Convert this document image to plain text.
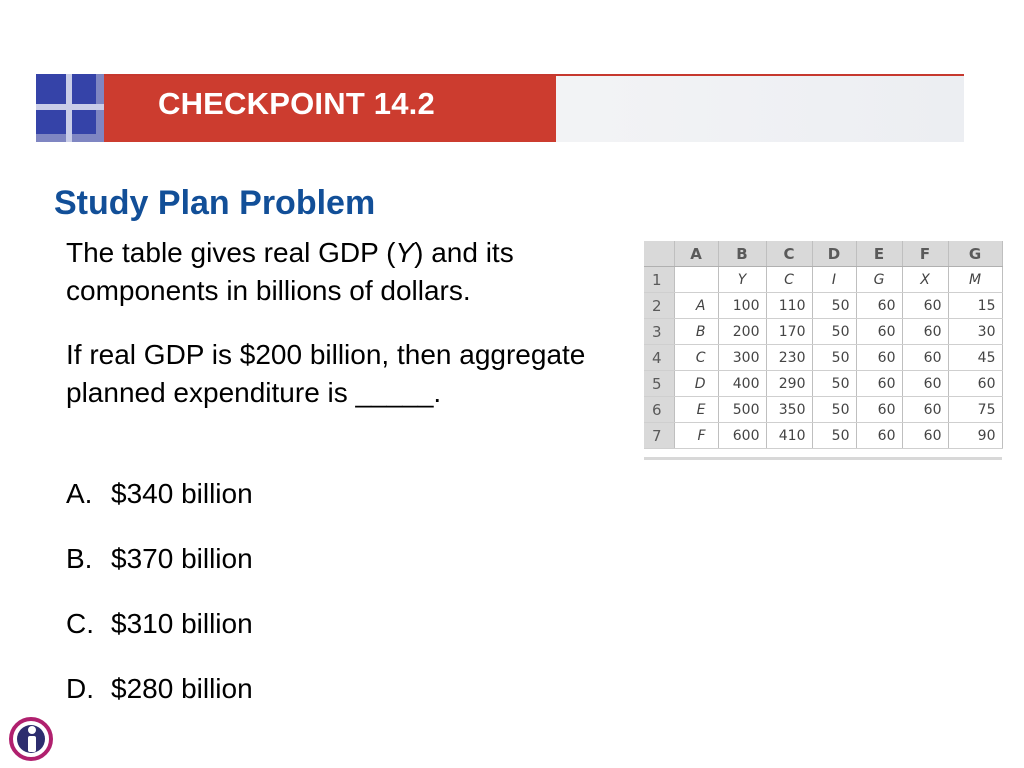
CHECKPOINT 14.2
Study Plan Problem
The table gives real GDP (Y) and its components in billions of dollars.
If real GDP is $200 billion, then aggregate planned expenditure is _____.
A. $340 billion
B. $370 billion
C. $310 billion
D. $280 billion
	A	B	C	D	E	F	G
1		Y	C	I	G	X	M
2	A	100	110	50	60	60	15
3	B	200	170	50	60	60	30
4	C	300	230	50	60	60	45
5	D	400	290	50	60	60	60
6	E	500	350	50	60	60	75
7	F	600	410	50	60	60	90
